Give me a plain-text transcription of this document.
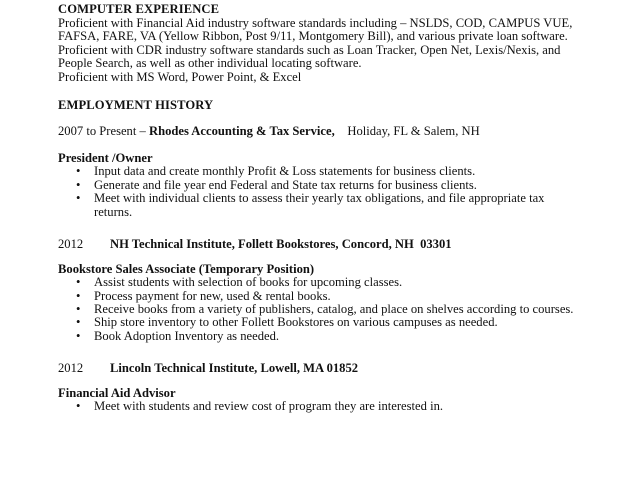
COMPUTER EXPERIENCE
Proficient with Financial Aid industry software standards including – NSLDS, COD, CAMPUS VUE,
FAFSA, FARE, VA (Yellow Ribbon, Post 9/11, Montgomery Bill), and various private loan software.
Proficient with CDR industry software standards such as Loan Tracker, Open Net, Lexis/Nexis, and
People Search, as well as other individual locating software.
Proficient with MS Word, Power Point, & Excel
EMPLOYMENT HISTORY
2007 to Present – Rhodes Accounting & Tax Service, Holiday, FL & Salem, NH
President /Owner
•	Input data and create monthly Profit & Loss statements for business clients.
•	Generate and file year end Federal and State tax returns for business clients.
•	Meet with individual clients to assess their yearly tax obligations, and file appropriate tax returns.
2012 NH Technical Institute, Follett Bookstores, Concord, NH  03301
Bookstore Sales Associate (Temporary Position)
•	Assist students with selection of books for upcoming classes.
•	Process payment for new, used & rental books.
•	Receive books from a variety of publishers, catalog, and place on shelves according to courses.
•	Ship store inventory to other Follett Bookstores on various campuses as needed.
•	Book Adoption Inventory as needed.
2012 Lincoln Technical Institute, Lowell, MA 01852
Financial Aid Advisor
•	Meet with students and review cost of program they are interested in.
